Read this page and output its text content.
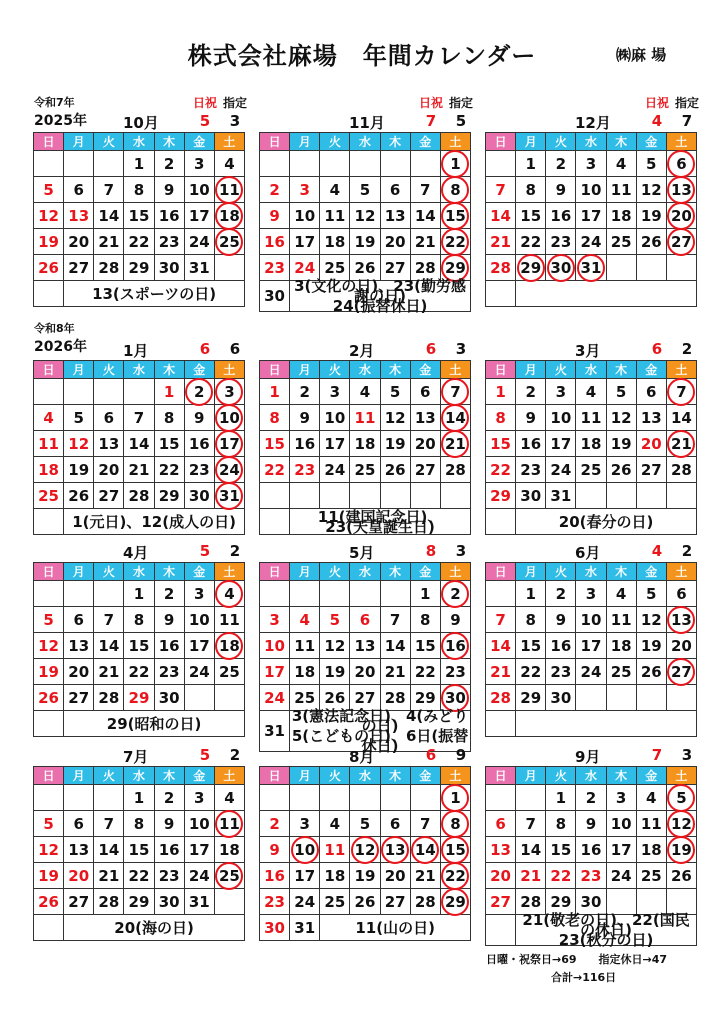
株式会社麻場　年間カレンダー	㈱麻 場
令和7年
2025年
令和8年
2026年
日祝 指定
10月	5	3
日	月	火	水	木	金	土
			1	2	3	4
5	6	7	8	9	10	11
12	13	14	15	16	17	18
19	20	21	22	23	24	25
26	27	28	29	30	31	
	13(スポーツの日)					
日祝 指定
11月	7	5
日	月	火	水	木	金	土
						1
2	3	4	5	6	7	8
9	10	11	12	13	14	15
16	17	18	19	20	21	22
23	24	25	26	27	28	29
30	3(文化の日)、23(勤労感謝の日)
24(振替休日)					
日祝 指定
12月	4	7
日	月	火	水	木	金	土
	1	2	3	4	5	6
7	8	9	10	11	12	13
14	15	16	17	18	19	20
21	22	23	24	25	26	27
28	29	30	31			

1月	6	6
日	月	火	水	木	金	土
				1	2	3
4	5	6	7	8	9	10
11	12	13	14	15	16	17
18	19	20	21	22	23	24
25	26	27	28	29	30	31
	1(元日)、12(成人の日)					
2月	6	3
日	月	火	水	木	金	土
1	2	3	4	5	6	7
8	9	10	11	12	13	14
15	16	17	18	19	20	21
22	23	24	25	26	27	28

	11(建国記念日)、
23(天皇誕生日)					
3月	6	2
日	月	火	水	木	金	土
1	2	3	4	5	6	7
8	9	10	11	12	13	14
15	16	17	18	19	20	21
22	23	24	25	26	27	28
29	30	31				
	20(春分の日)					
4月	5	2
日	月	火	水	木	金	土
			1	2	3	4
5	6	7	8	9	10	11
12	13	14	15	16	17	18
19	20	21	22	23	24	25
26	27	28	29	30		
	29(昭和の日)					
5月	8	3
日	月	火	水	木	金	土
					1	2
3	4	5	6	7	8	9
10	11	12	13	14	15	16
17	18	19	20	21	22	23
24	25	26	27	28	29	30
31	3(憲法記念日)、4(みどりの日)
5(こどもの日)、6日(振替休日)					
6月	4	2
日	月	火	水	木	金	土
	1	2	3	4	5	6
7	8	9	10	11	12	13
14	15	16	17	18	19	20
21	22	23	24	25	26	27
28	29	30				

7月	5	2
日	月	火	水	木	金	土
			1	2	3	4
5	6	7	8	9	10	11
12	13	14	15	16	17	18
19	20	21	22	23	24	25
26	27	28	29	30	31	
	20(海の日)					
8月	6	9
日	月	火	水	木	金	土
						1
2	3	4	5	6	7	8
9	10	11	12	13	14	15
16	17	18	19	20	21	22
23	24	25	26	27	28	29
30	31	11(山の日)				
9月	7	3
日	月	火	水	木	金	土
		1	2	3	4	5
6	7	8	9	10	11	12
13	14	15	16	17	18	19
20	21	22	23	24	25	26
27	28	29	30			
	21(敬老の日)、22(国民の休日)
23(秋分の日)					
日曜・祝祭日→69　　指定休日→47
合計→116日
